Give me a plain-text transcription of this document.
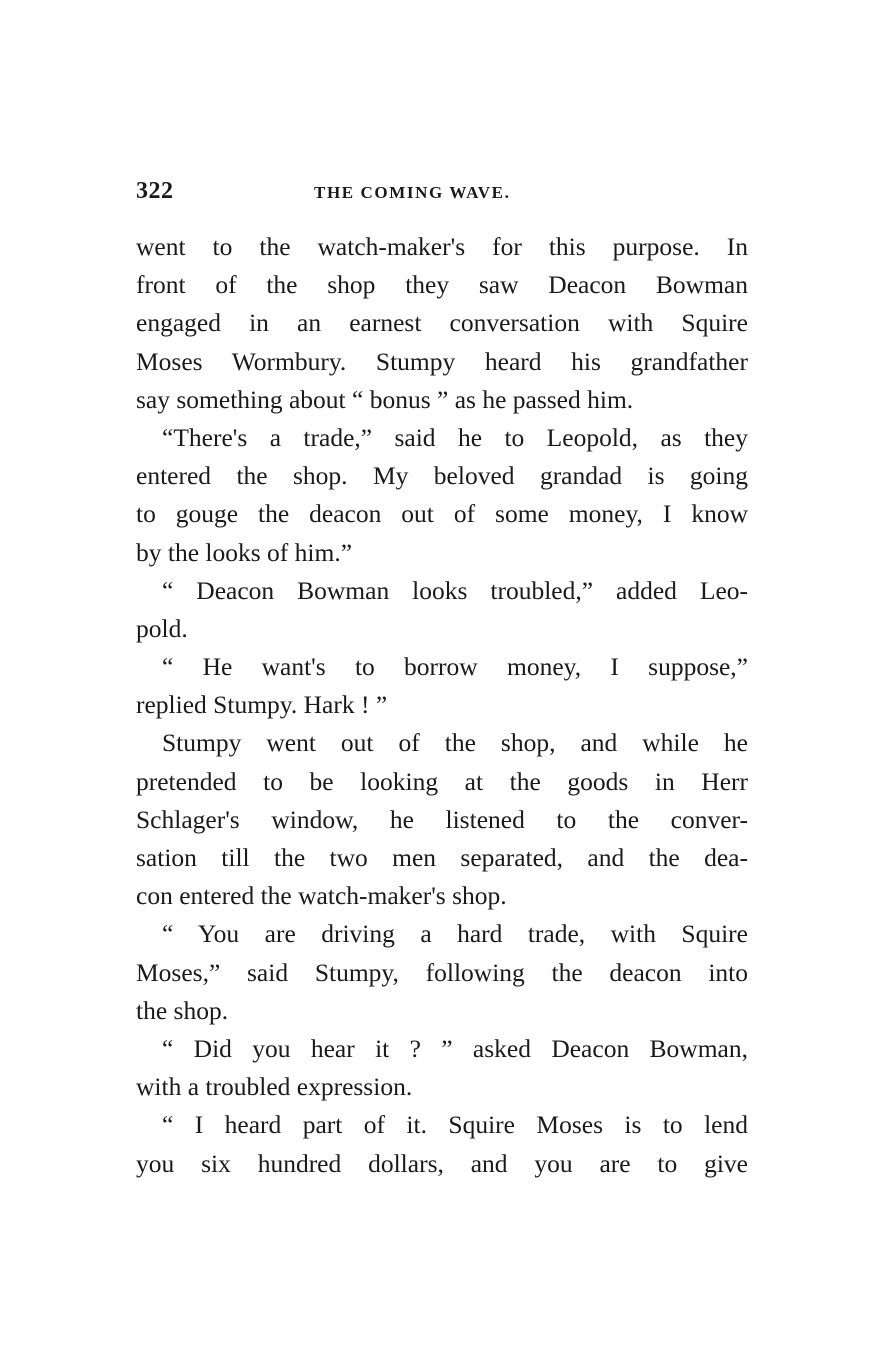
322	THE COMING WAVE.
went to the watch-maker's for this purpose. In
front of the shop they saw Deacon Bowman
engaged in an earnest conversation with Squire
Moses Wormbury. Stumpy heard his grandfather
say something about “ bonus ” as he passed him.
“There's a trade,” said he to Leopold, as they
entered the shop. My beloved grandad is going
to gouge the deacon out of some money, I know
by the looks of him.”
“ Deacon Bowman looks troubled,” added Leo-
pold.
“ He want's to borrow money, I suppose,”
replied Stumpy. Hark ! ”
Stumpy went out of the shop, and while he
pretended to be looking at the goods in Herr
Schlager's window, he listened to the conver-
sation till the two men separated, and the dea-
con entered the watch-maker's shop.
“ You are driving a hard trade, with Squire
Moses,” said Stumpy, following the deacon into
the shop.
“ Did you hear it ? ” asked Deacon Bowman,
with a troubled expression.
“ I heard part of it. Squire Moses is to lend
you six hundred dollars, and you are to give
